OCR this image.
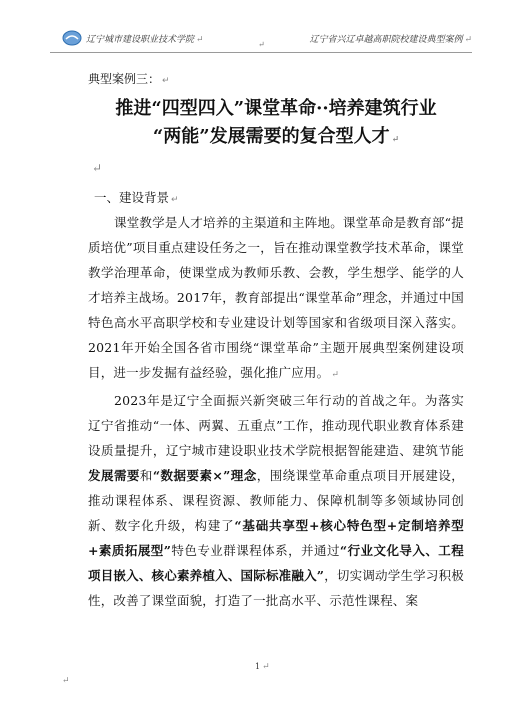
辽宁城市建设职业技术学院 ↵	↵	辽宁省兴辽卓越高职院校建设典型案例 ↵

典型案例三： ↵

推进“四型四入”课堂革命··培养建筑行业
“两能”发展需要的复合型人才 ↵
↵

一、建设背景 ↵

课堂教学是人才培养的主渠道和主阵地。课堂革命是教育部“提质培优”项目重点建设任务之一，旨在推动课堂教学技术革命，课堂教学治理革命，使课堂成为教师乐教、会教，学生想学、能学的人才培养主战场。2017年，教育部提出“课堂革命”理念，并通过中国特色高水平高职学校和专业建设计划等国家和省级项目深入落实。2021年开始全国各省市围绕“课堂革命”主题开展典型案例建设项目，进一步发掘有益经验，强化推广应用。 ↵

2023年是辽宁全面振兴新突破三年行动的首战之年。为落实辽宁省推动“一体、两翼、五重点”工作，推动现代职业教育体系建设质量提升，辽宁城市建设职业技术学院根据智能建造、建筑节能发展需要和“数据要素×”理念，围绕课堂革命重点项目开展建设，推动课程体系、课程资源、教师能力、保障机制等多领域协同创新、数字化升级，构建了“基础共享型+核心特色型+定制培养型+素质拓展型”特色专业群课程体系，并通过“行业文化导入、工程项目嵌入、核心素养植入、国际标准融入”，切实调动学生学习积极性，改善了课堂面貌，打造了一批高水平、示范性课程、案

1 ↵
↵
